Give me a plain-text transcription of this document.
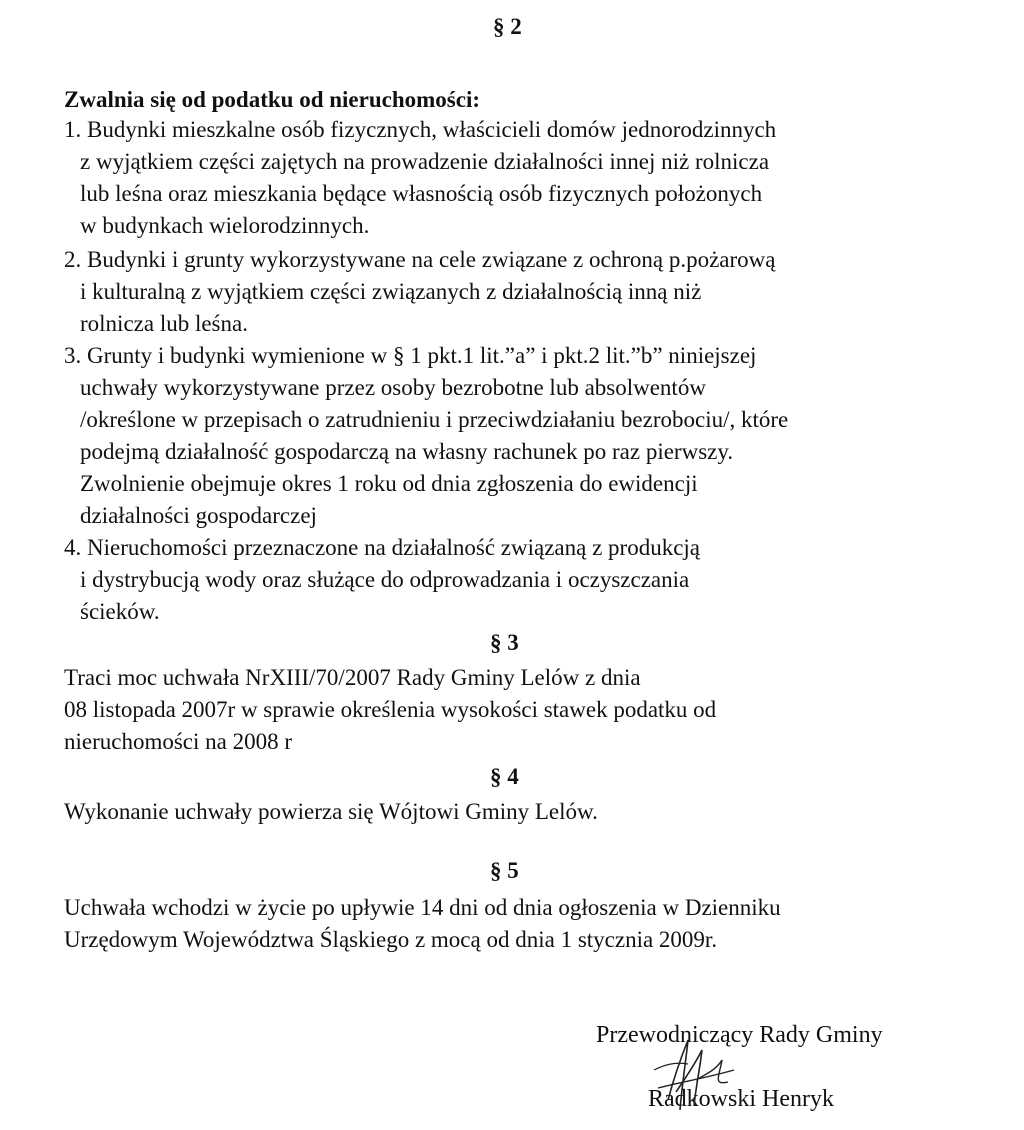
§ 2
Zwalnia się od podatku od nieruchomości:
1. Budynki mieszkalne osób fizycznych, właścicieli domów jednorodzinnych
z wyjątkiem części zajętych na prowadzenie działalności innej niż rolnicza
lub leśna oraz mieszkania będące własnością osób fizycznych położonych
w budynkach wielorodzinnych.
2. Budynki i grunty wykorzystywane na cele związane z ochroną p.pożarową
i kulturalną z wyjątkiem części związanych z działalnością inną niż
rolnicza lub leśna.
3. Grunty i budynki wymienione w § 1 pkt.1 lit.”a” i pkt.2 lit.”b” niniejszej
uchwały wykorzystywane przez osoby bezrobotne lub absolwentów
/określone w przepisach o zatrudnieniu i przeciwdziałaniu bezrobociu/, które
podejmą działalność gospodarczą na własny rachunek po raz pierwszy.
Zwolnienie obejmuje okres 1 roku od dnia zgłoszenia do ewidencji
działalności gospodarczej
4. Nieruchomości przeznaczone na działalność związaną z produkcją
i dystrybucją wody oraz służące do odprowadzania i oczyszczania
ścieków.
§ 3
Traci moc uchwała NrXIII/70/2007 Rady Gminy Lelów z dnia
08 listopada 2007r w sprawie określenia wysokości stawek podatku od
nieruchomości na 2008 r
§ 4
Wykonanie uchwały powierza się Wójtowi Gminy Lelów.
§ 5
Uchwała wchodzi w życie po upływie 14 dni od dnia ogłoszenia w Dzienniku
Urzędowym Województwa Śląskiego z mocą od dnia 1 stycznia 2009r.
Przewodniczący Rady Gminy
Radkowski Henryk
